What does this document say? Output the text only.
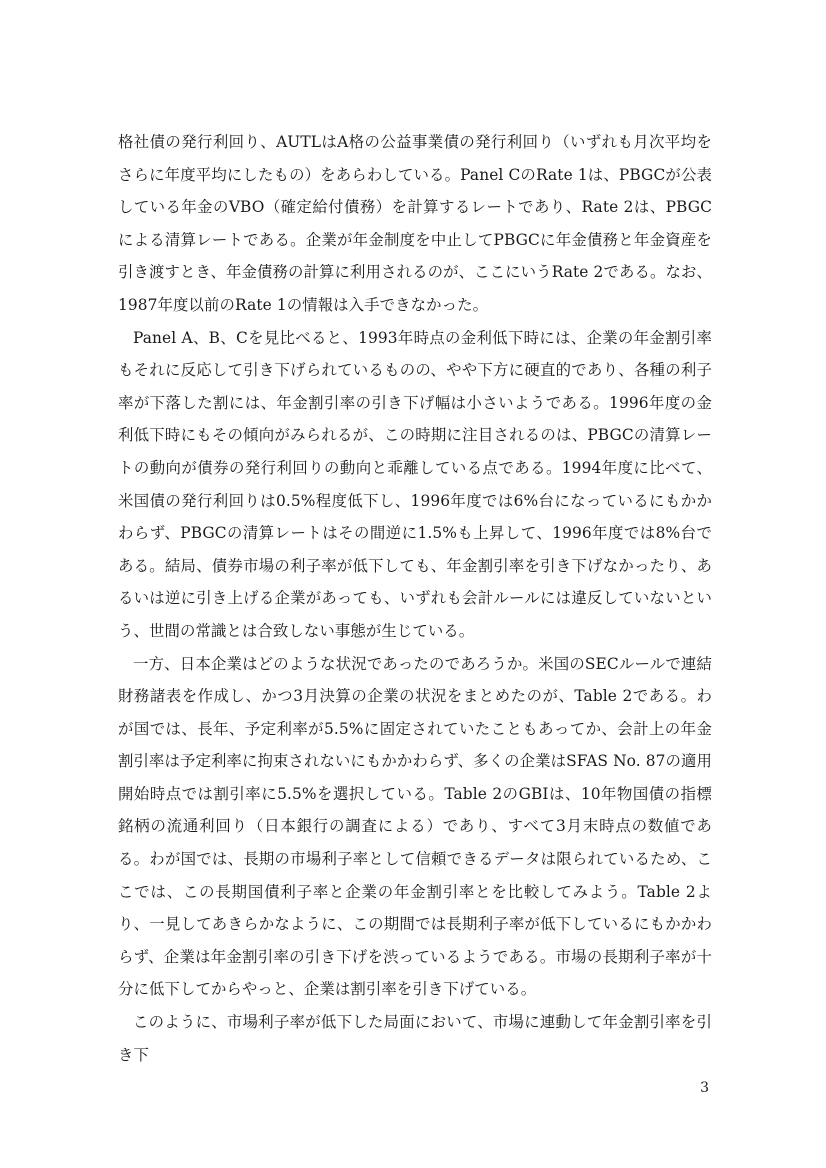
格社債の発行利回り、AUTLはA格の公益事業債の発行利回り（いずれも月次平均をさらに年度平均にしたもの）をあらわしている。Panel CのRate 1は、PBGCが公表している年金のVBO（確定給付債務）を計算するレートであり、Rate 2は、PBGCによる清算レートである。企業が年金制度を中止してPBGCに年金債務と年金資産を引き渡すとき、年金債務の計算に利用されるのが、ここにいうRate 2である。なお、1987年度以前のRate 1の情報は入手できなかった。

Panel A、B、Cを見比べると、1993年時点の金利低下時には、企業の年金割引率もそれに反応して引き下げられているものの、やや下方に硬直的であり、各種の利子率が下落した割には、年金割引率の引き下げ幅は小さいようである。1996年度の金利低下時にもその傾向がみられるが、この時期に注目されるのは、PBGCの清算レートの動向が債券の発行利回りの動向と乖離している点である。1994年度に比べて、米国債の発行利回りは0.5%程度低下し、1996年度では6%台になっているにもかかわらず、PBGCの清算レートはその間逆に1.5%も上昇して、1996年度では8%台である。結局、債券市場の利子率が低下しても、年金割引率を引き下げなかったり、あるいは逆に引き上げる企業があっても、いずれも会計ルールには違反していないという、世間の常識とは合致しない事態が生じている。

一方、日本企業はどのような状況であったのであろうか。米国のSECルールで連結財務諸表を作成し、かつ3月決算の企業の状況をまとめたのが、Table 2である。わが国では、長年、予定利率が5.5%に固定されていたこともあってか、会計上の年金割引率は予定利率に拘束されないにもかかわらず、多くの企業はSFAS No. 87の適用開始時点では割引率に5.5%を選択している。Table 2のGBIは、10年物国債の指標銘柄の流通利回り（日本銀行の調査による）であり、すべて3月末時点の数値である。わが国では、長期の市場利子率として信頼できるデータは限られているため、ここでは、この長期国債利子率と企業の年金割引率とを比較してみよう。Table 2より、一見してあきらかなように、この期間では長期利子率が低下しているにもかかわらず、企業は年金割引率の引き下げを渋っているようである。市場の長期利子率が十分に低下してからやっと、企業は割引率を引き下げている。

このように、市場利子率が低下した局面において、市場に連動して年金割引率を引き下

3
